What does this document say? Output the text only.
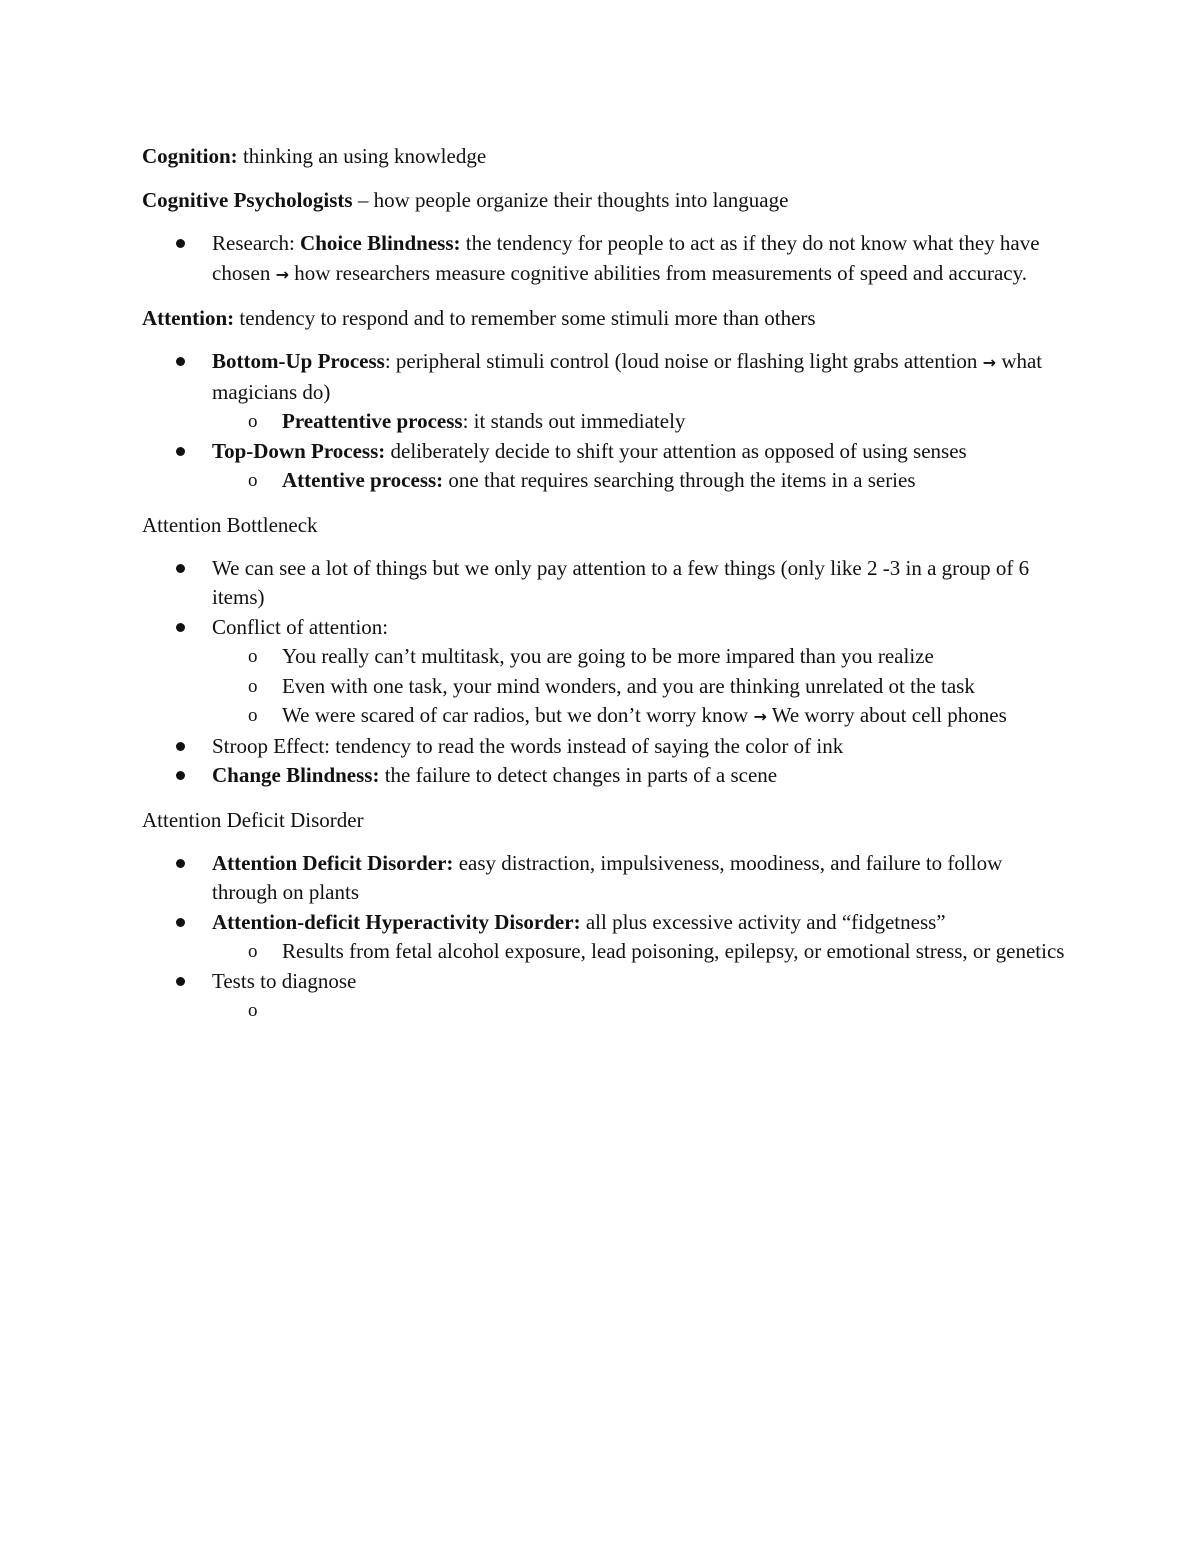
Cognition: thinking an using knowledge

Cognitive Psychologists – how people organize their thoughts into language

Research: Choice Blindness: the tendency for people to act as if they do not know what they have chosen → how researchers measure cognitive abilities from measurements of speed and accuracy.

Attention: tendency to respond and to remember some stimuli more than others

Bottom-Up Process: peripheral stimuli control (loud noise or flashing light grabs attention → what magicians do)
o Preattentive process: it stands out immediately
Top-Down Process: deliberately decide to shift your attention as opposed of using senses
o Attentive process: one that requires searching through the items in a series

Attention Bottleneck

We can see a lot of things but we only pay attention to a few things (only like 2 -3 in a group of 6 items)
Conflict of attention:
o You really can’t multitask, you are going to be more impared than you realize
o Even with one task, your mind wonders, and you are thinking unrelated ot the task
o We were scared of car radios, but we don’t worry know → We worry about cell phones
Stroop Effect: tendency to read the words instead of saying the color of ink
Change Blindness: the failure to detect changes in parts of a scene

Attention Deficit Disorder

Attention Deficit Disorder: easy distraction, impulsiveness, moodiness, and failure to follow through on plants
Attention-deficit Hyperactivity Disorder: all plus excessive activity and “fidgetness”
o Results from fetal alcohol exposure, lead poisoning, epilepsy, or emotional stress, or genetics
Tests to diagnose
o
